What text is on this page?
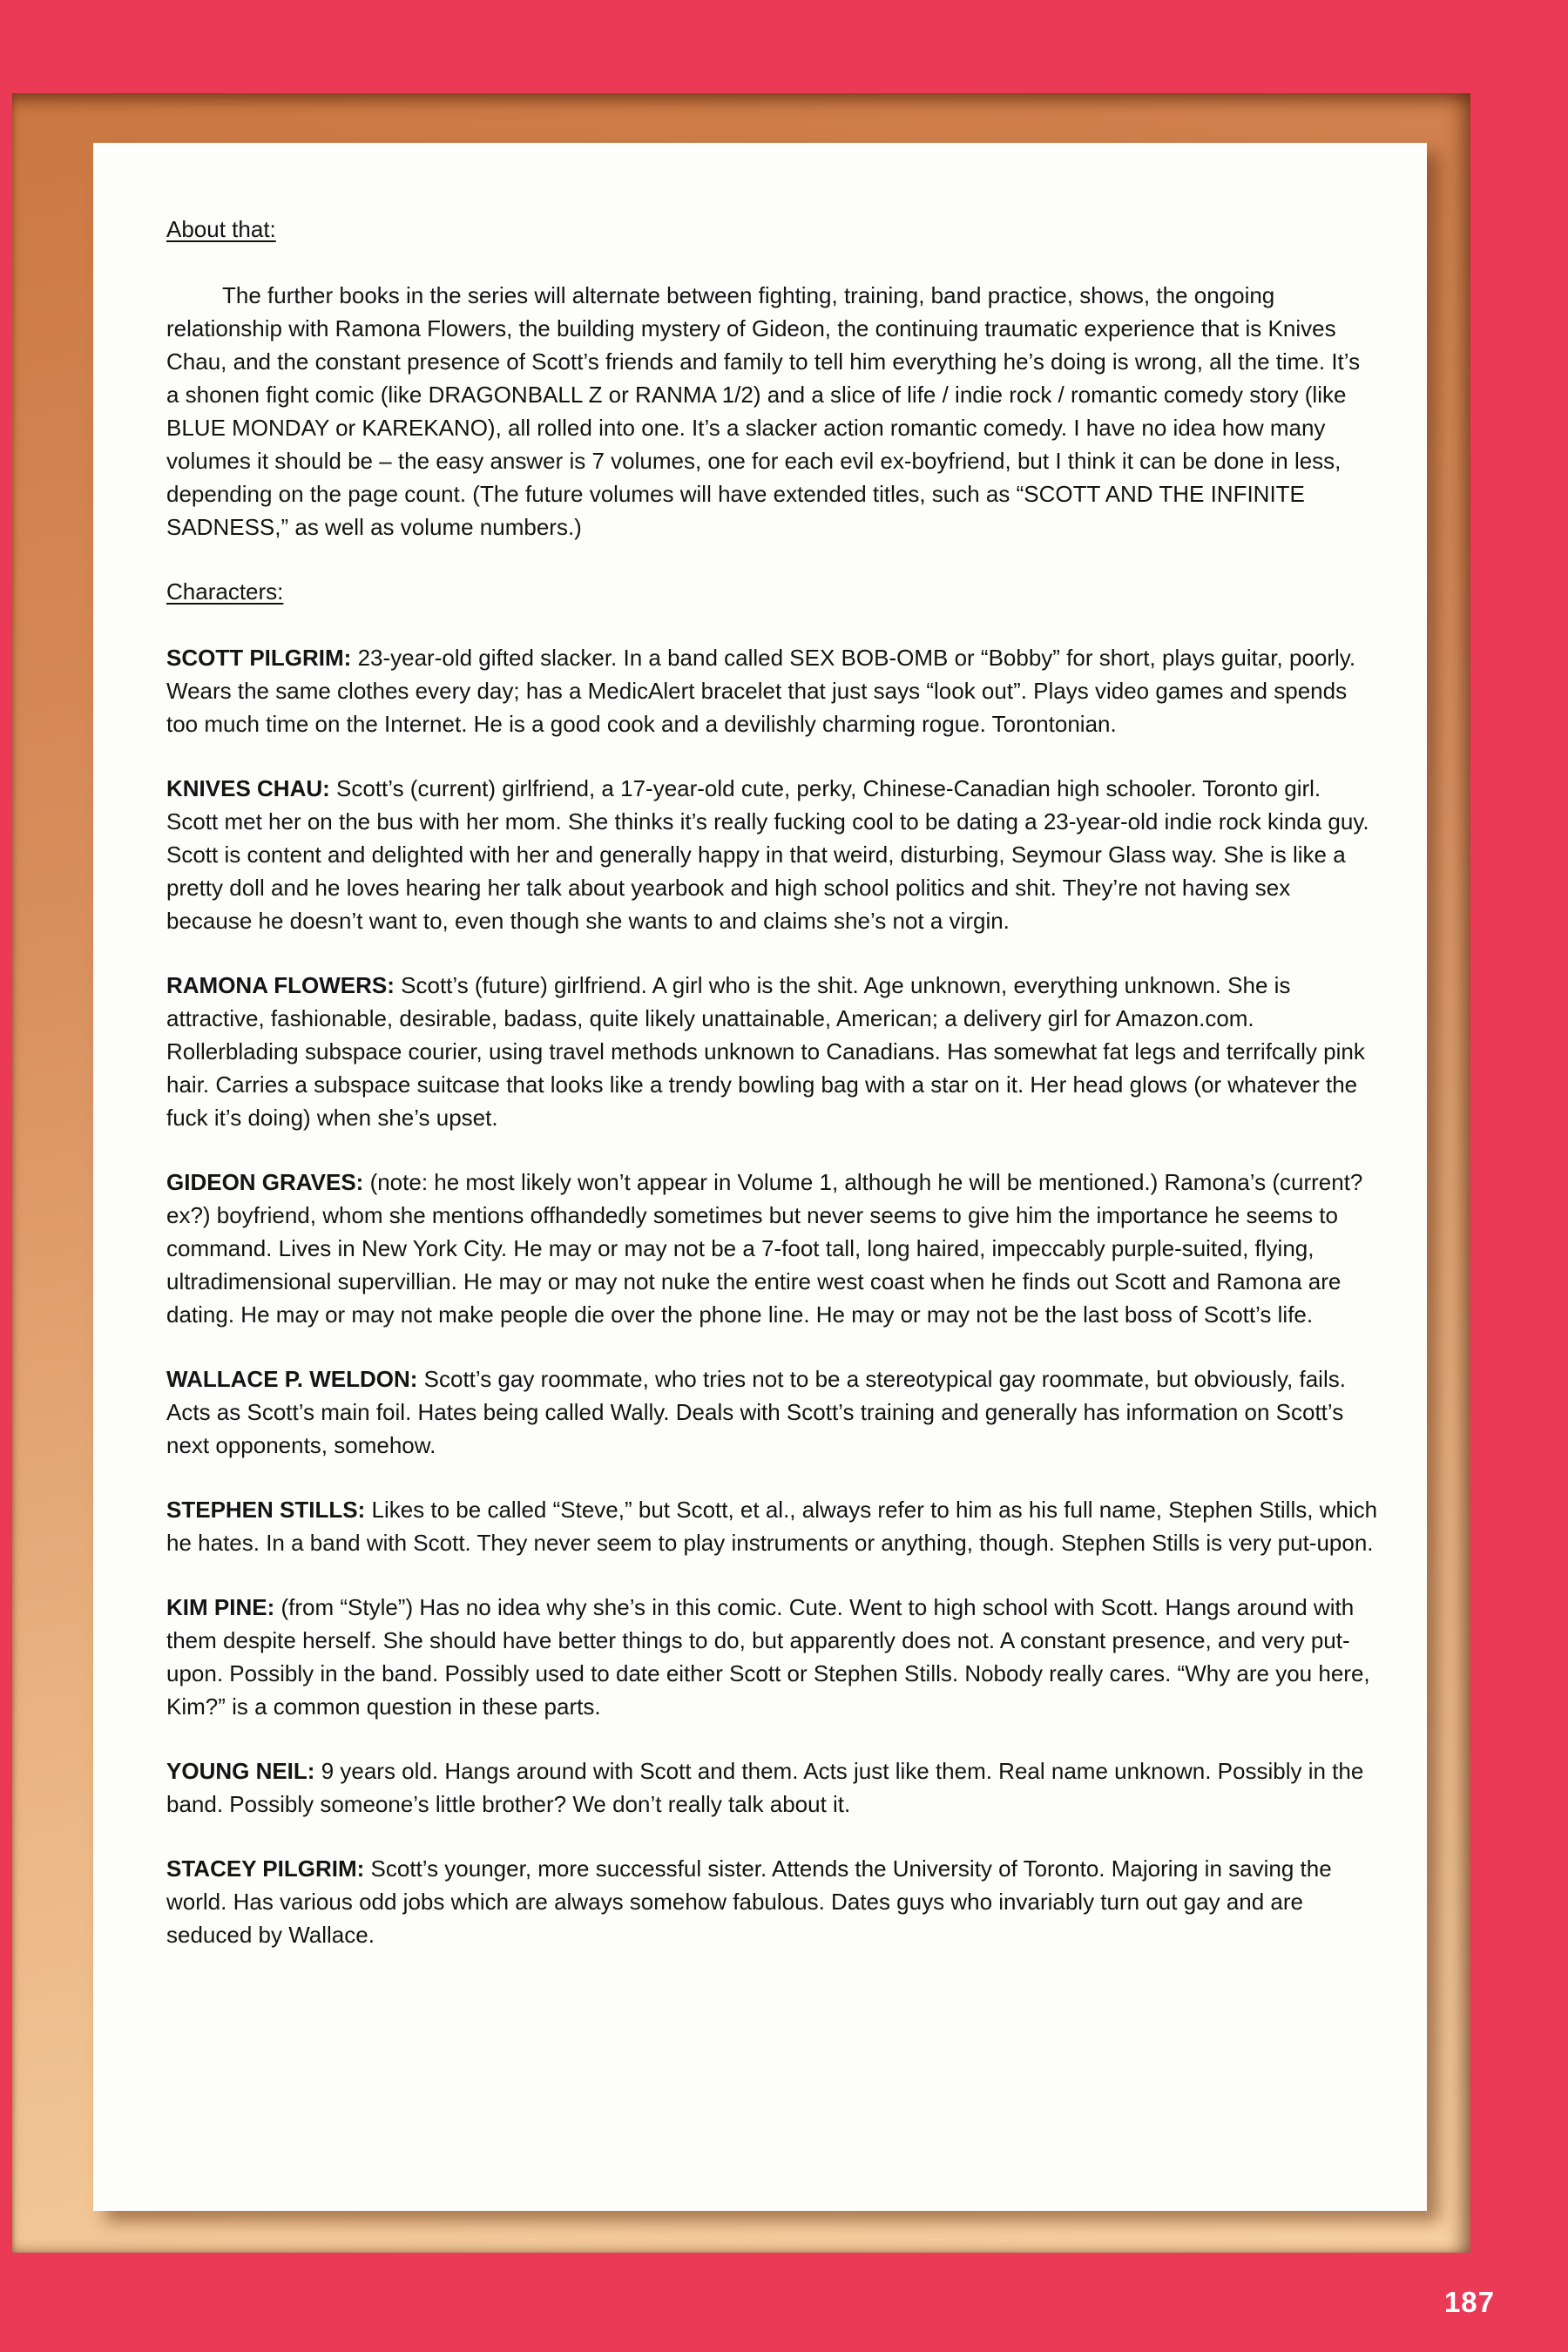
About that:

The further books in the series will alternate between fighting, training, band practice, shows, the ongoing relationship with Ramona Flowers, the building mystery of Gideon, the continuing traumatic experience that is Knives Chau, and the constant presence of Scott’s friends and family to tell him everything he’s doing is wrong, all the time. It’s a shonen fight comic (like DRAGONBALL Z or RANMA 1/2) and a slice of life / indie rock / romantic comedy story (like BLUE MONDAY or KAREKANO), all rolled into one. It’s a slacker action romantic comedy. I have no idea how many volumes it should be – the easy answer is 7 volumes, one for each evil ex-boyfriend, but I think it can be done in less, depending on the page count. (The future volumes will have extended titles, such as “SCOTT AND THE INFINITE SADNESS,” as well as volume numbers.)

Characters:

SCOTT PILGRIM: 23-year-old gifted slacker. In a band called SEX BOB-OMB or “Bobby” for short, plays guitar, poorly. Wears the same clothes every day; has a MedicAlert bracelet that just says “look out”. Plays video games and spends too much time on the Internet. He is a good cook and a devilishly charming rogue. Torontonian.

KNIVES CHAU: Scott’s (current) girlfriend, a 17-year-old cute, perky, Chinese-Canadian high schooler. Toronto girl. Scott met her on the bus with her mom. She thinks it’s really fucking cool to be dating a 23-year-old indie rock kinda guy. Scott is content and delighted with her and generally happy in that weird, disturbing, Seymour Glass way. She is like a pretty doll and he loves hearing her talk about yearbook and high school politics and shit. They’re not having sex because he doesn’t want to, even though she wants to and claims she’s not a virgin.

RAMONA FLOWERS: Scott’s (future) girlfriend. A girl who is the shit. Age unknown, everything unknown. She is attractive, fashionable, desirable, badass, quite likely unattainable, American; a delivery girl for Amazon.com. Rollerblading subspace courier, using travel methods unknown to Canadians. Has somewhat fat legs and terrifcally pink hair. Carries a subspace suitcase that looks like a trendy bowling bag with a star on it. Her head glows (or whatever the fuck it’s doing) when she’s upset.

GIDEON GRAVES: (note: he most likely won’t appear in Volume 1, although he will be mentioned.) Ramona’s (current? ex?) boyfriend, whom she mentions offhandedly sometimes but never seems to give him the importance he seems to command. Lives in New York City. He may or may not be a 7-foot tall, long haired, impeccably purple-suited, flying, ultradimensional supervillian. He may or may not nuke the entire west coast when he finds out Scott and Ramona are dating. He may or may not make people die over the phone line. He may or may not be the last boss of Scott’s life.

WALLACE P. WELDON: Scott’s gay roommate, who tries not to be a stereotypical gay roommate, but obviously, fails. Acts as Scott’s main foil. Hates being called Wally. Deals with Scott’s training and generally has information on Scott’s next opponents, somehow.

STEPHEN STILLS: Likes to be called “Steve,” but Scott, et al., always refer to him as his full name, Stephen Stills, which he hates. In a band with Scott. They never seem to play instruments or anything, though. Stephen Stills is very put-upon.

KIM PINE: (from “Style”) Has no idea why she’s in this comic. Cute. Went to high school with Scott. Hangs around with them despite herself. She should have better things to do, but apparently does not. A constant presence, and very put-upon. Possibly in the band. Possibly used to date either Scott or Stephen Stills. Nobody really cares. “Why are you here, Kim?” is a common question in these parts.

YOUNG NEIL: 9 years old. Hangs around with Scott and them. Acts just like them. Real name unknown. Possibly in the band. Possibly someone’s little brother? We don’t really talk about it.

STACEY PILGRIM: Scott’s younger, more successful sister. Attends the University of Toronto. Majoring in saving the world. Has various odd jobs which are always somehow fabulous. Dates guys who invariably turn out gay and are seduced by Wallace.

187
